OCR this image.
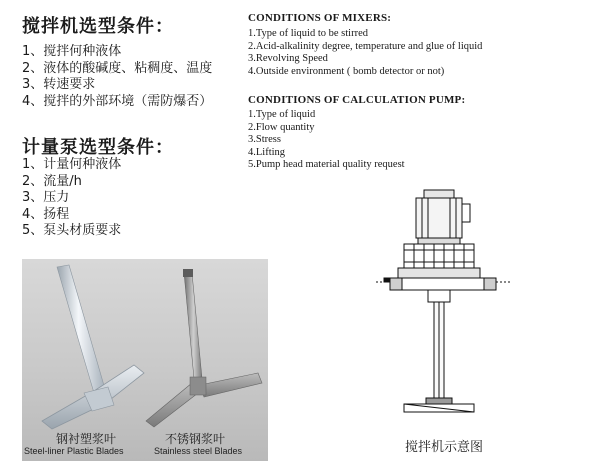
搅拌机选型条件：
1、搅拌何种液体
2、液体的酸碱度、粘稠度、温度
3、转速要求
4、搅拌的外部环境（需防爆否）
计量泵选型条件：
1、计量何种液体
2、流量/h
3、压力
4、扬程
5、泵头材质要求
CONDITIONS OF MIXERS:
1.Type of liquid to be stirred
2.Acid-alkalinity degree, temperature and glue of liquid
3.Revolving Speed
4.Outside environment ( bomb detector or not)
CONDITIONS OF CALCULATION PUMP:
1.Type of liquid
2.Flow quantity
3.Stress
4.Lifting
5.Pump head material quality request
钢衬塑浆叶
Steel-liner Plastic Blades
不锈钢浆叶
Stainless steel Blades	搅拌机示意图
